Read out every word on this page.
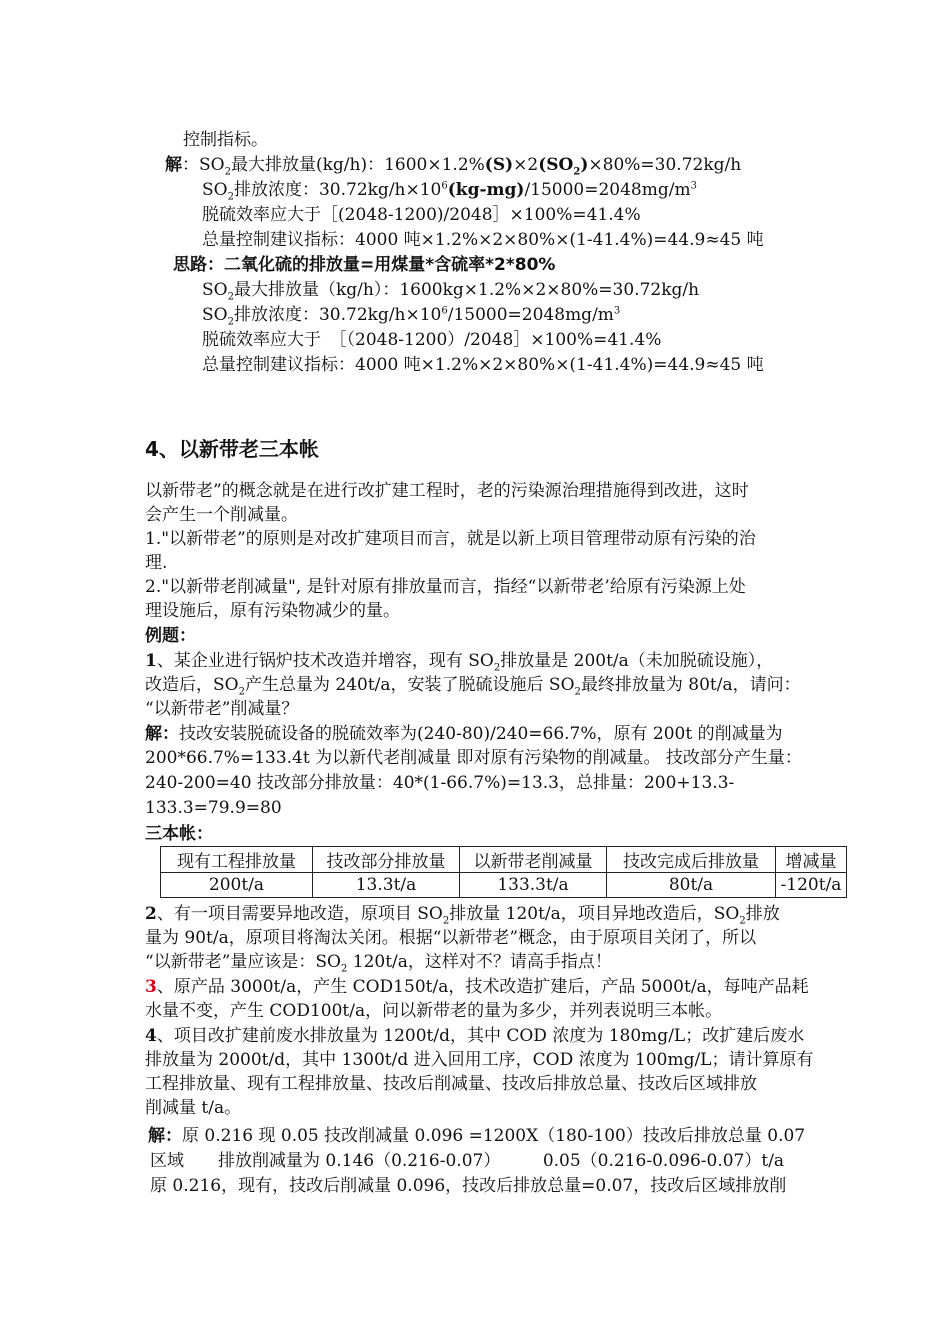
控制指标。
解：$SO_2$最大排放量(kg/h)：$1600\times 1.2\%(S)\times 2(SO_2)\times 80\%=30.72kg/h$
$SO_2$排放浓度：$30.72kg/h\times 10^6(kg-mg)/15000=2048mg/m^3$
脱硫效率应大于［(2048-1200)/2048］×100%=41.4%
总量控制建议指标：4000 吨×1.2%×2×80%×(1-41.4%)=44.9≈45 吨
思路：二氧化硫的排放量=用煤量*含硫率*2*80%
$SO_2$最大排放量（kg/h）：1600kg×1.2%×2×80%=30.72kg/h
$SO_2$排放浓度：$30.72kg/h\times 10^6/15000=2048mg/m^3$
脱硫效率应大于　［（2048-1200）/2048］×100%=41.4%
总量控制建议指标：4000 吨×1.2%×2×80%×(1-41.4%)=44.9≈45 吨
4、以新带老三本帐
以新带老”的概念就是在进行改扩建工程时，老的污染源治理措施得到改进，这时
会产生一个削减量。
1."以新带老”的原则是对改扩建项目而言，就是以新上项目管理带动原有污染的治
理.
2."以新带老削减量", 是针对原有排放量而言，指经“以新带老’给原有污染源上处
理设施后，原有污染物减少的量。
例题：
1、某企业进行锅炉技术改造并增容，现有 $SO_2$排放量是 200t/a（未加脱硫设施），
改造后，$SO_2$产生总量为 240t/a，安装了脱硫设施后 $SO_2$最终排放量为 80t/a，请问：
“以新带老”削减量？
解：技改安装脱硫设备的脱硫效率为(240-80)/240=66.7%，原有 200t 的削减量为
200*66.7%=133.4t 为以新代老削减量 即对原有污染物的削减量。 技改部分产生量：
240-200=40 技改部分排放量：40*(1-66.7%)=13.3，总排量：200+13.3-
133.3=79.9=80
三本帐：
现有工程排放量	技改部分排放量	以新带老削减量	技改完成后排放量	增减量
200t/a	13.3t/a	133.3t/a	80t/a	-120t/a
2、有一项目需要异地改造，原项目 $SO_2$排放量 120t/a，项目异地改造后，$SO_2$排放
量为 90t/a，原项目将淘汰关闭。根据“以新带老”概念，由于原项目关闭了，所以
“以新带老”量应该是：$SO_2$ 120t/a，这样对不？请高手指点！
3、原产品 3000t/a，产生 COD150t/a，技术改造扩建后，产品 5000t/a，每吨产品耗
水量不变，产生 COD100t/a，问以新带老的量为多少，并列表说明三本帐。
4、项目改扩建前废水排放量为 1200t/d，其中 COD 浓度为 180mg/L；改扩建后废水
排放量为 2000t/d，其中 1300t/d 进入回用工序，COD 浓度为 100mg/L；请计算原有
工程排放量、现有工程排放量、技改后削减量、技改后排放总量、技改后区域排放
削减量 t/a。
解：原 0.216 现 0.05 技改削减量 0.096 =1200X（180-100）技改后排放总量 0.07
区域　　排放削减量为 0.146（0.216-0.07）　　　0.05（0.216-0.096-0.07）t/a
原 0.216，现有，技改后削减量 0.096，技改后排放总量=0.07，技改后区域排放削
